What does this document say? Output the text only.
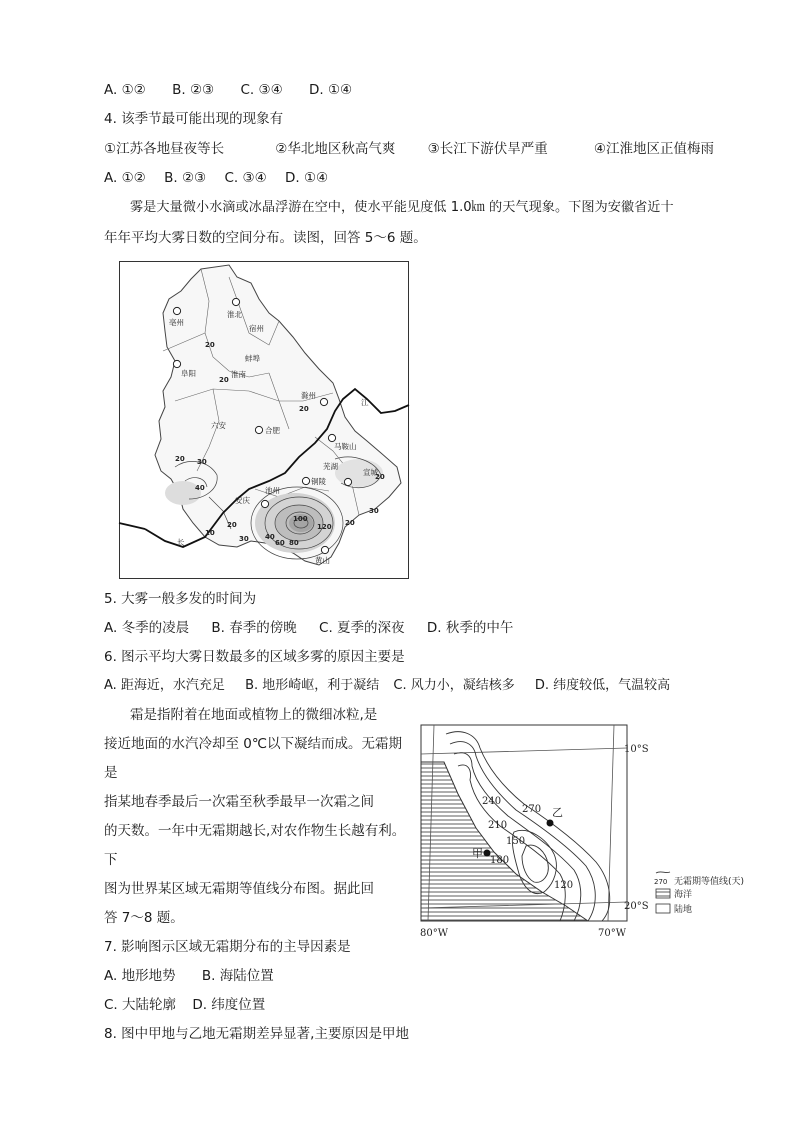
A. ①② B. ②③ C. ③④ D. ①④
4. 该季节最可能出现的现象有
①江苏各地昼夜等长	②华北地区秋高气爽 ③长江下游伏旱严重	④江淮地区正值梅雨
A. ①② B. ②③ C. ③④ D. ①④
雾是大量微小水滴或冰晶浮游在空中，使水平能见度低 1.0㎞ 的天气现象。下图为安徽省近十
年年平均大雾日数的空间分布。读图，回答 5～6 题。
淮北
亳州
宿州
蚌埠
阜阳	淮南
滁州
六安
合肥
马鞍山
芜湖
宣城
铜陵
池州
安庆
黄山
江
长
20
20
20
20 30
40
20
10
30 40
60 80
100
120 20
30
20
5. 大雾一般多发的时间为
A. 冬季的凌晨 B. 春季的傍晚 C. 夏季的深夜 D. 秋季的中午
6. 图示平均大雾日数最多的区域多雾的原因主要是
A. 距海近，水汽充足 B. 地形崎岖，利于凝结 C. 风力小，凝结核多 D. 纬度较低，气温较高
霜是指附着在地面或植物上的微细冰粒,是
接近地面的水汽冷却至 0℃以下凝结而成。无霜期
是
指某地春季最后一次霜至秋季最早一次霜之间
的天数。一年中无霜期越长,对农作物生长越有利。
下
图为世界某区域无霜期等值线分布图。据此回
答 7～8 题。
240
270
210
150
180
120
乙
甲
10°S
20°S
80°W	70°W
270 无霜期等值线(天)
海洋
陆地
7. 影响图示区域无霜期分布的主导因素是
A. 地形地势 B. 海陆位置
C. 大陆轮廓 D. 纬度位置
8. 图中甲地与乙地无霜期差异显著,主要原因是甲地
